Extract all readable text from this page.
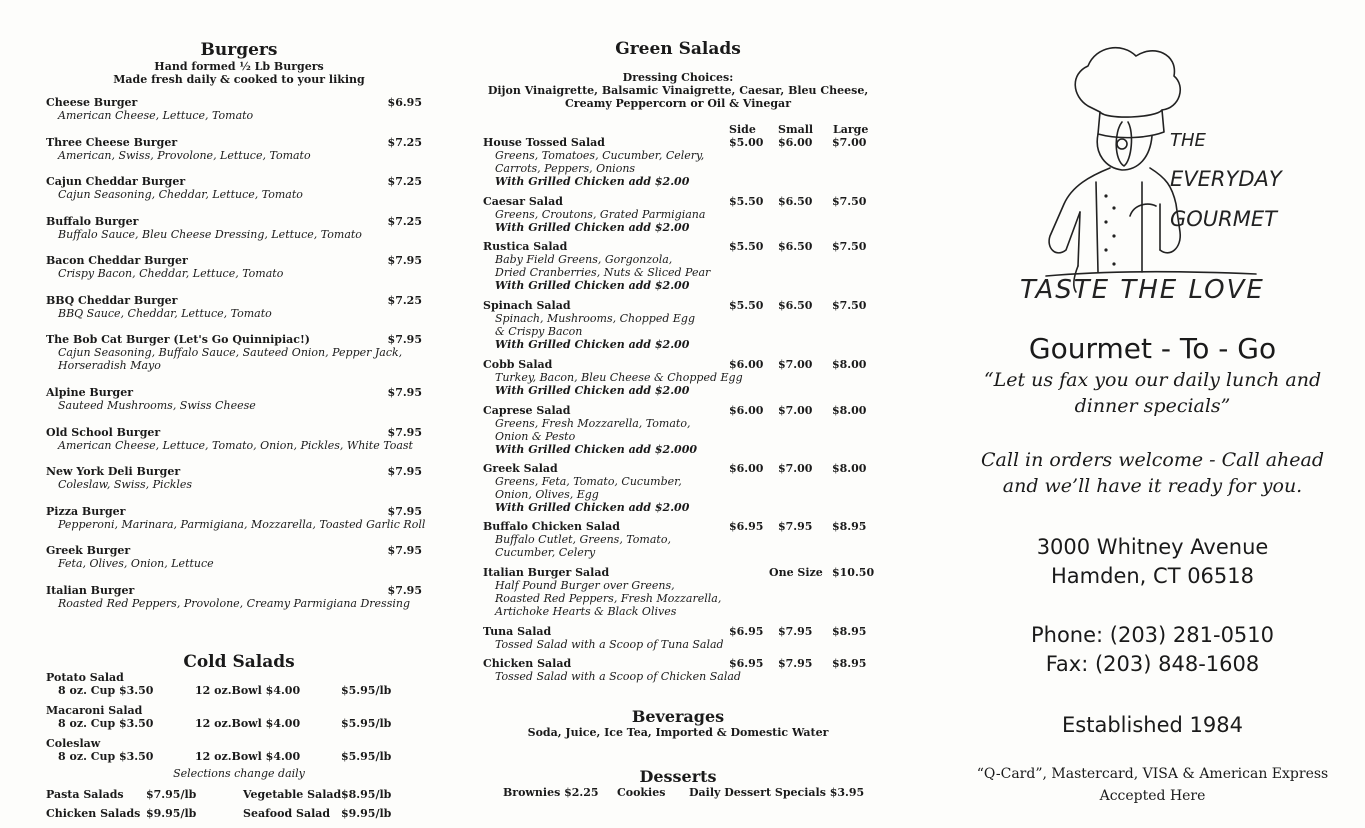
Burgers
Hand formed ½ Lb Burgers
Made fresh daily & cooked to your liking
Cheese Burger	$6.95
American Cheese, Lettuce, Tomato
Three Cheese Burger	$7.25
American, Swiss, Provolone, Lettuce, Tomato
Cajun Cheddar Burger	$7.25
Cajun Seasoning, Cheddar, Lettuce, Tomato
Buffalo Burger	$7.25
Buffalo Sauce, Bleu Cheese Dressing, Lettuce, Tomato
Bacon Cheddar Burger	$7.95
Crispy Bacon, Cheddar, Lettuce, Tomato
BBQ Cheddar Burger	$7.25
BBQ Sauce, Cheddar, Lettuce, Tomato
The Bob Cat Burger (Let's Go Quinnipiac!)	$7.95
Cajun Seasoning, Buffalo Sauce, Sauteed Onion, Pepper Jack,
Horseradish Mayo
Alpine Burger	$7.95
Sauteed Mushrooms, Swiss Cheese
Old School Burger	$7.95
American Cheese, Lettuce, Tomato, Onion, Pickles, White Toast
New York Deli Burger	$7.95
Coleslaw, Swiss, Pickles
Pizza Burger	$7.95
Pepperoni, Marinara, Parmigiana, Mozzarella, Toasted Garlic Roll
Greek Burger	$7.95
Feta, Olives, Onion, Lettuce
Italian Burger	$7.95
Roasted Red Peppers, Provolone, Creamy Parmigiana Dressing
Cold Salads
Potato Salad
8 oz. Cup $3.50	12 oz.Bowl $4.00	$5.95/lb
Macaroni Salad
8 oz. Cup $3.50	12 oz.Bowl $4.00	$5.95/lb
Coleslaw
8 oz. Cup $3.50	12 oz.Bowl $4.00	$5.95/lb
Selections change daily
Pasta Salads $7.95/lb	Vegetable Salad $8.95/lb
Chicken Salads $9.95/lb	Seafood Salad $9.95/lb
Green Salads
Dressing Choices:
Dijon Vinaigrette, Balsamic Vinaigrette, Caesar, Bleu Cheese,
Creamy Peppercorn or Oil & Vinegar
Side Small Large
House Tossed Salad	$5.00 $6.00 $7.00
Greens, Tomatoes, Cucumber, Celery,
Carrots, Peppers, Onions
With Grilled Chicken add $2.00
Caesar Salad	$5.50 $6.50 $7.50
Greens, Croutons, Grated Parmigiana
With Grilled Chicken add $2.00
Rustica Salad	$5.50 $6.50 $7.50
Baby Field Greens, Gorgonzola,
Dried Cranberries, Nuts & Sliced Pear
With Grilled Chicken add $2.00
Spinach Salad	$5.50 $6.50 $7.50
Spinach, Mushrooms, Chopped Egg
& Crispy Bacon
With Grilled Chicken add $2.00
Cobb Salad	$6.00 $7.00 $8.00
Turkey, Bacon, Bleu Cheese & Chopped Egg
With Grilled Chicken add $2.00
Caprese Salad	$6.00 $7.00 $8.00
Greens, Fresh Mozzarella, Tomato,
Onion & Pesto
With Grilled Chicken add $2.000
Greek Salad	$6.00 $7.00 $8.00
Greens, Feta, Tomato, Cucumber,
Onion, Olives, Egg
With Grilled Chicken add $2.00
Buffalo Chicken Salad	$6.95 $7.95 $8.95
Buffalo Cutlet, Greens, Tomato,
Cucumber, Celery
Italian Burger Salad	One Size $10.50
Half Pound Burger over Greens,
Roasted Red Peppers, Fresh Mozzarella,
Artichoke Hearts & Black Olives
Tuna Salad	$6.95 $7.95 $8.95
Tossed Salad with a Scoop of Tuna Salad
Chicken Salad	$6.95 $7.95 $8.95
Tossed Salad with a Scoop of Chicken Salad
Beverages
Soda, Juice, Ice Tea, Imported & Domestic Water
Desserts
Brownies $2.25 Cookies Daily Dessert Specials $3.95
THE
EVERYDAY
GOURMET
TASTE THE LOVE
Gourmet - To - Go
“Let us fax you our daily lunch and
dinner specials”
Call in orders welcome - Call ahead
and we’ll have it ready for you.
3000 Whitney Avenue
Hamden, CT 06518
Phone: (203) 281-0510
Fax: (203) 848-1608
Established 1984
“Q-Card”, Mastercard, VISA & American Express
Accepted Here
